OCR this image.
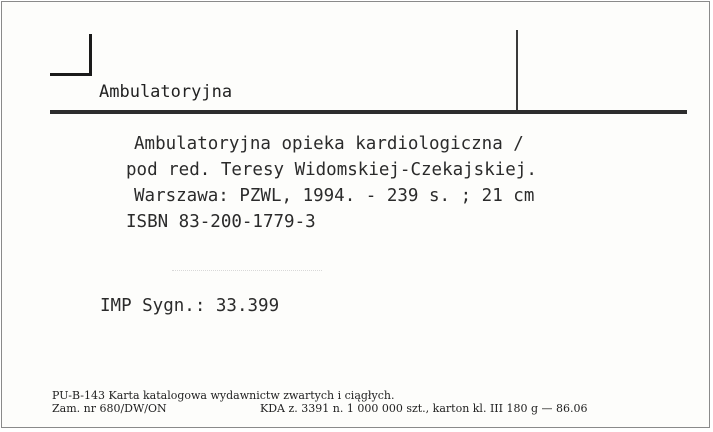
Ambulatoryjna
Ambulatoryjna opieka kardiologiczna /
pod red. Teresy Widomskiej-Czekajskiej.
Warszawa: PZWL, 1994. - 239 s. ; 21 cm
ISBN 83-200-1779-3
IMP Sygn.: 33.399
PU-B-143 Karta katalogowa wydawnictw zwartych i ciągłych.
Zam. nr 680/DW/ON	KDA z. 3391 n. 1 000 000 szt., karton kl. III 180 g — 86.06
